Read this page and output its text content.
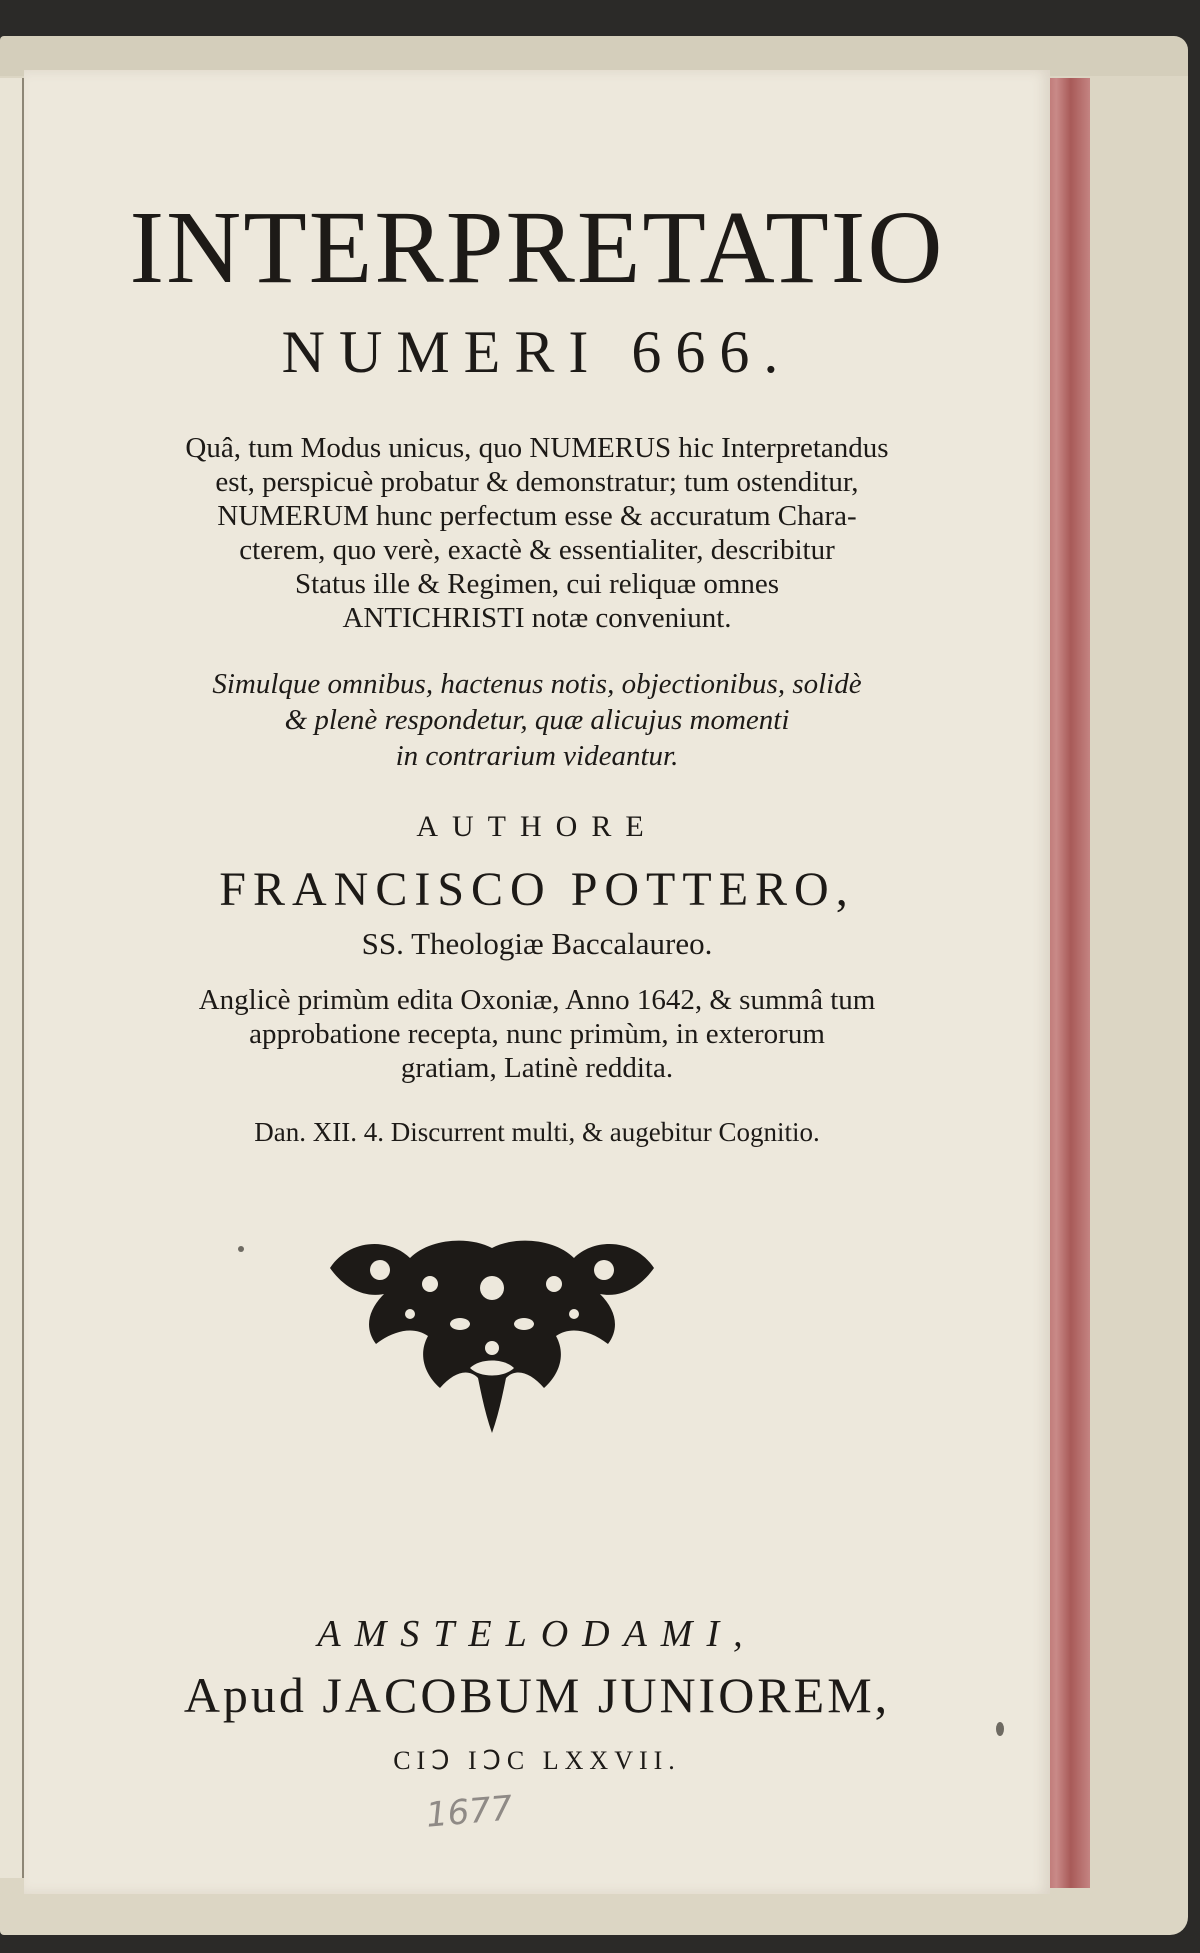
INTERPRETATIO
NUMERI 666.
Quâ, tum Modus unicus, quo NUMERUS hic Interpretandus
est, perspicuè probatur & demonstratur; tum ostenditur,
NUMERUM hunc perfectum esse & accuratum Chara-
cterem, quo verè, exactè & essentialiter, describitur
Status ille & Regimen, cui reliquæ omnes
ANTICHRISTI notæ conveniunt.
Simulque omnibus, hactenus notis, objectionibus, solidè
& plenè respondetur, quæ alicujus momenti
in contrarium videantur.
AUTHORE
FRANCISCO POTTERO,
SS. Theologiæ Baccalaureo.
Anglicè primùm edita Oxoniæ, Anno 1642, & summâ tum
approbatione recepta, nunc primùm, in exterorum
gratiam, Latinè reddita.
Dan. XII. 4. Discurrent multi, & augebitur Cognitio.
AMSTELODAMI,
Apud JACOBUM JUNIOREM,
CIↃ IↃC LXXVII.
1677
